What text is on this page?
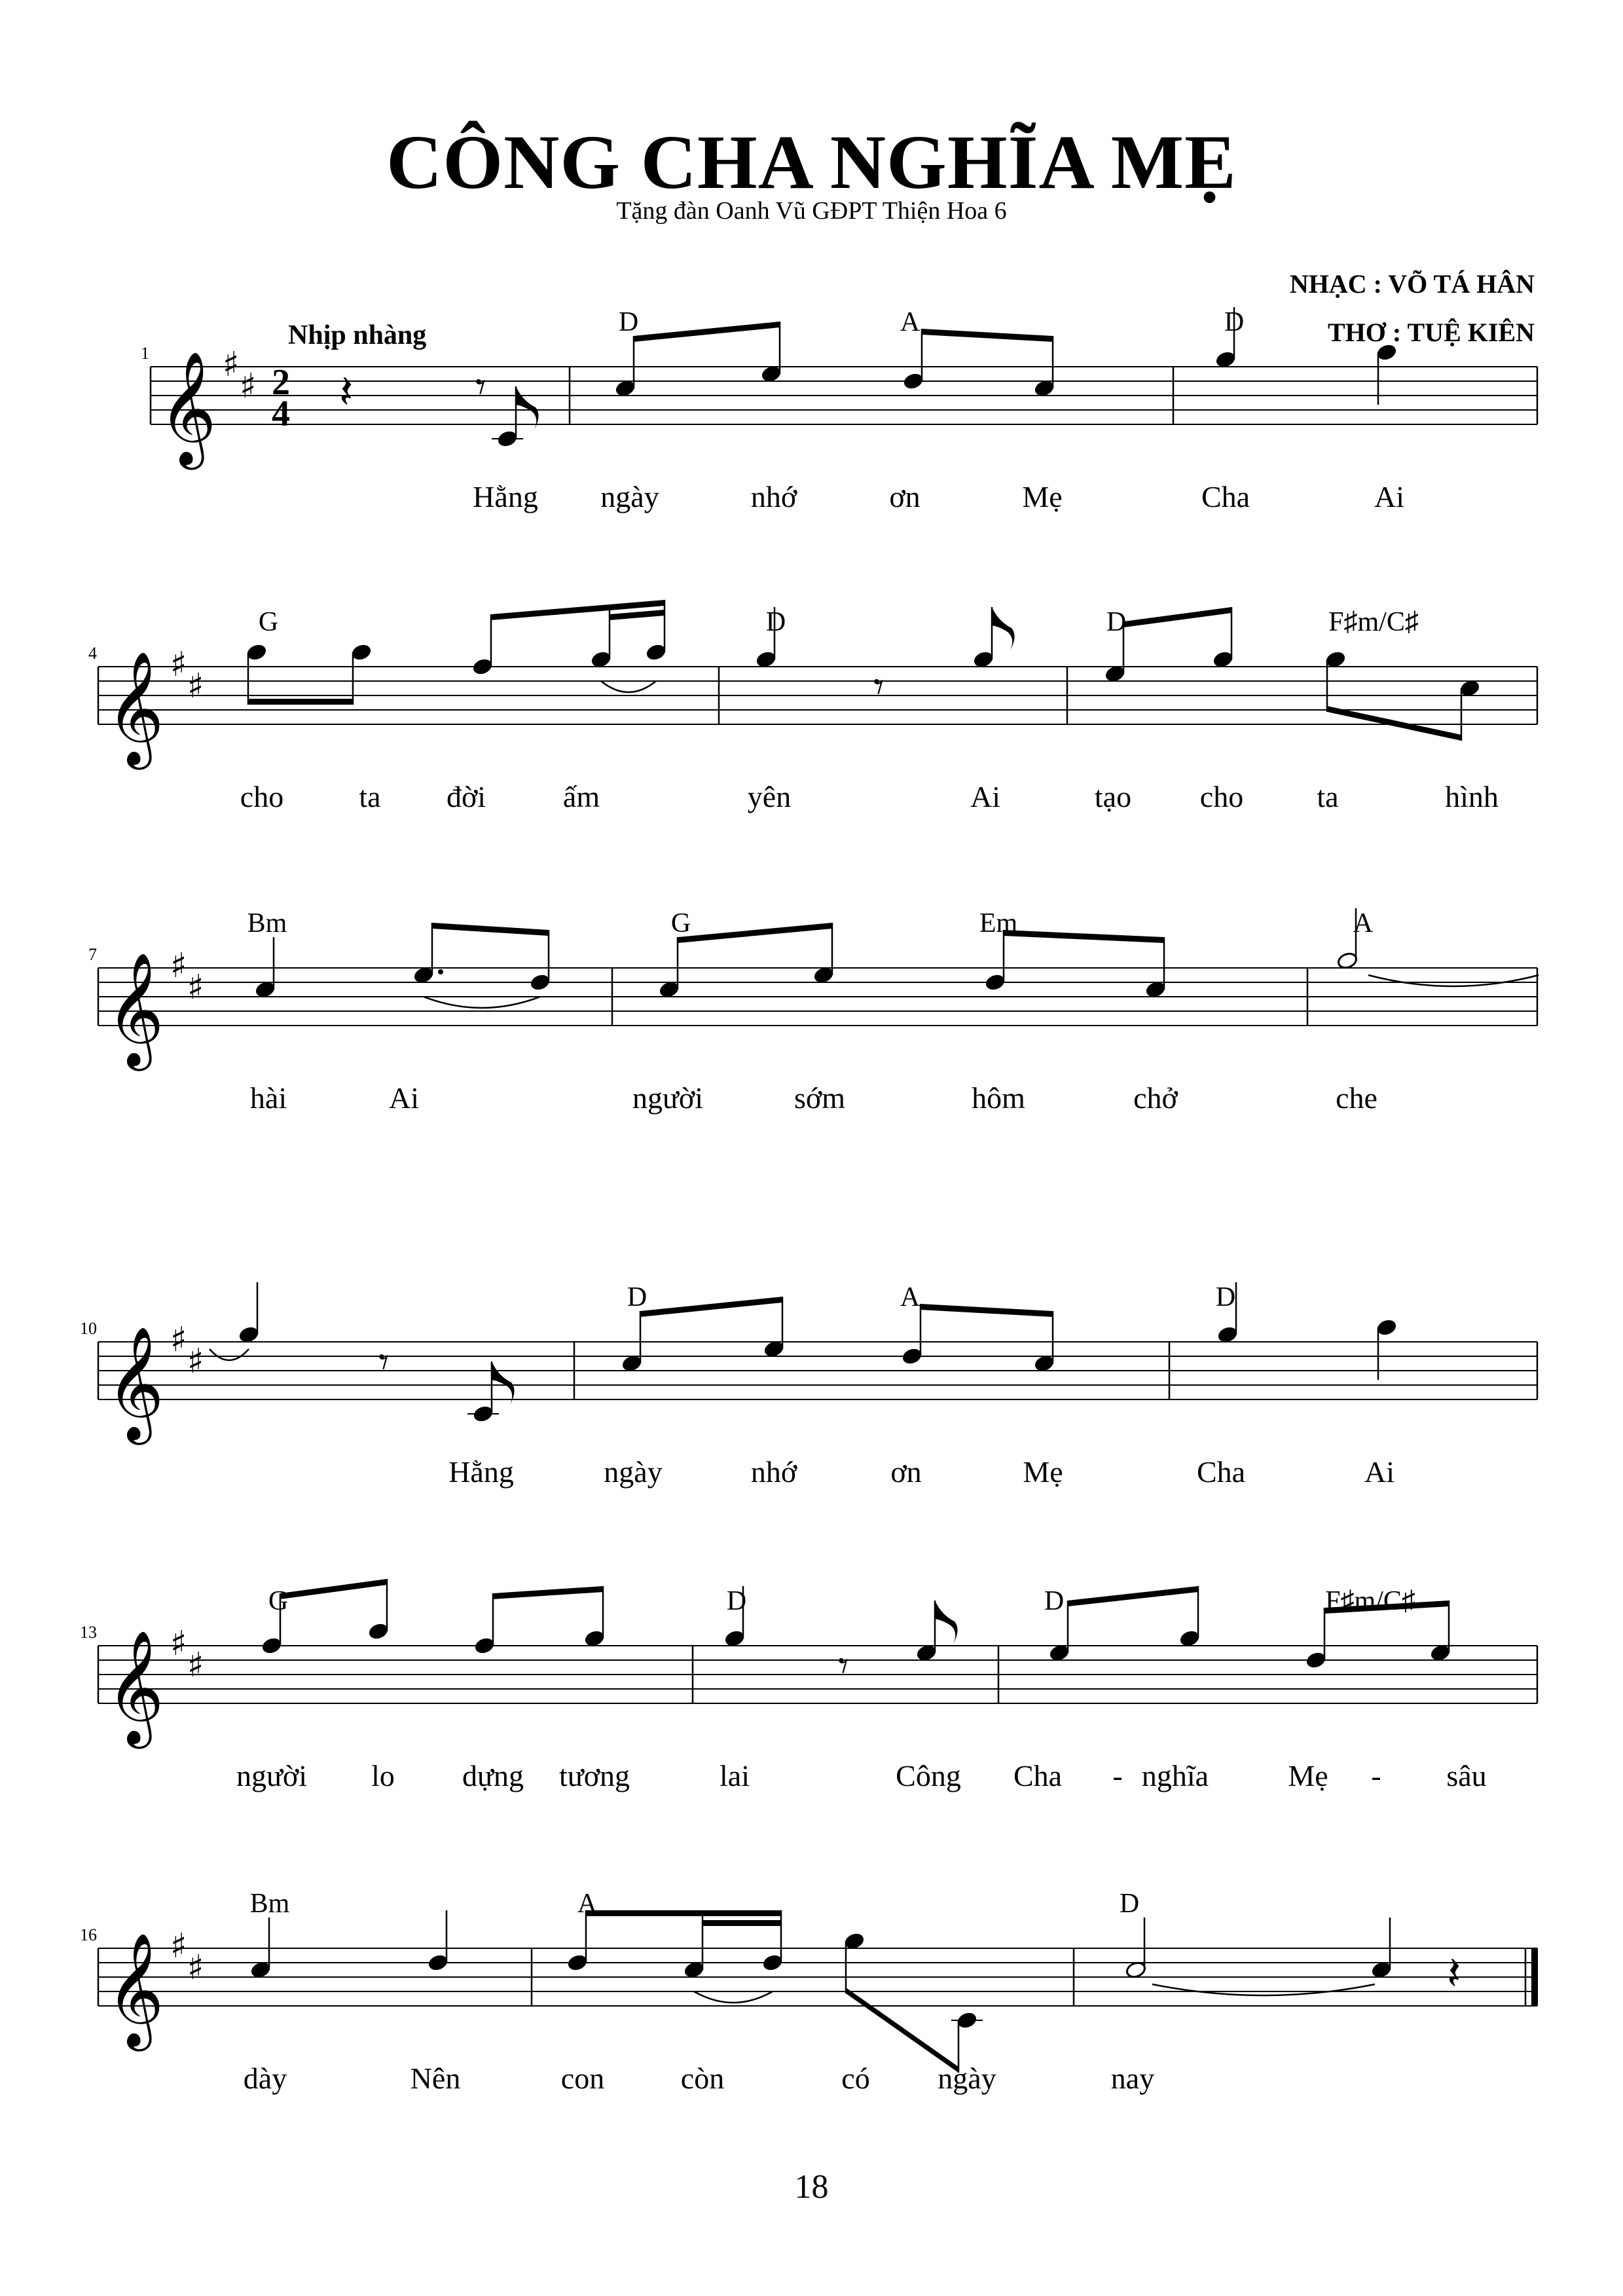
CÔNG CHA NGHĨA MẸ
Tặng đàn Oanh Vũ GĐPT Thiện Hoa 6
NHẠC : VÕ TÁ HÂN
THƠ : TUỆ KIÊN
Nhịp nhàng
1 𝄞 ♯
♯ 2
4 𝄽	𝄾
4 𝄞 ♯
♯	𝄾
7 𝄞 ♯
♯
10 𝄞 ♯
♯	𝄾
13 𝄞 ♯
♯	𝄾
16 𝄞 ♯
♯	𝄽
D	A	D
Hằng ngày	nhớ	ơn	Mẹ	Cha	Ai
G	D	D	F♯m/C♯
cho	ta đời	ấm	yên	Ai	tạo cho ta	hình
Bm	G	Em	A
hài	Ai	người	sớm	hôm	chở	che
D	A	D
Hằng	ngày	nhớ	ơn	Mẹ	Cha	Ai
G	D	D	F♯m/C♯
người lo dựng tương	lai	Công Cha - nghĩa	Mẹ - sâu
Bm	A	D
dày	Nên	con	còn	có ngày	nay
18
